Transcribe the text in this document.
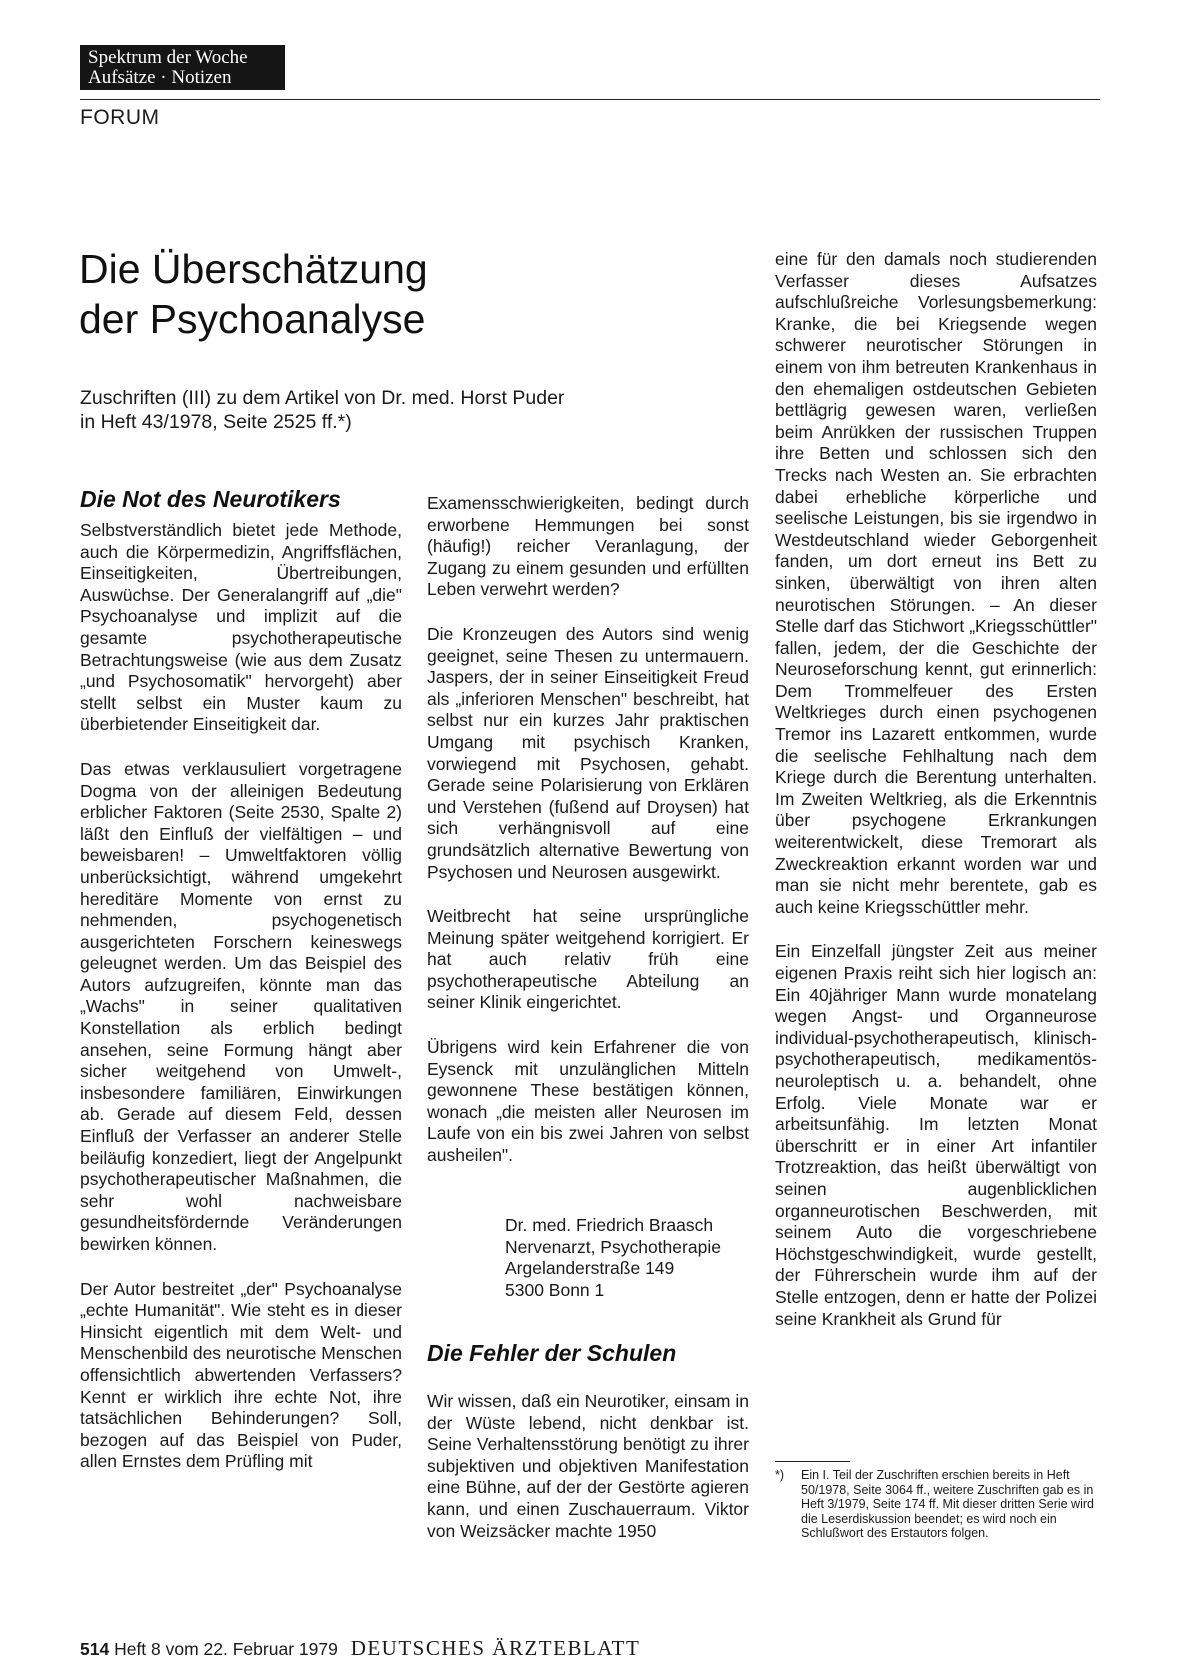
Spektrum der Woche
Aufsätze · Notizen
FORUM
Die Überschätzung
der Psychoanalyse
Zuschriften (III) zu dem Artikel von Dr. med. Horst Puder
in Heft 43/1978, Seite 2525 ff.*)
Die Not des Neurotikers

Selbstverständlich bietet jede Methode, auch die Körpermedizin, Angriffsflächen, Einseitigkeiten, Übertreibungen, Auswüchse. Der Generalangriff auf „die" Psychoanalyse und implizit auf die gesamte psychotherapeutische Betrachtungsweise (wie aus dem Zusatz „und Psychosomatik" hervorgeht) aber stellt selbst ein Muster kaum zu überbietender Einseitigkeit dar.

Das etwas verklausuliert vorgetragene Dogma von der alleinigen Bedeutung erblicher Faktoren (Seite 2530, Spalte 2) läßt den Einfluß der vielfältigen – und beweisbaren! – Umweltfaktoren völlig unberücksichtigt, während umgekehrt hereditäre Momente von ernst zu nehmenden, psychogenetisch ausgerichteten Forschern keineswegs geleugnet werden. Um das Beispiel des Autors aufzugreifen, könnte man das „Wachs" in seiner qualitativen Konstellation als erblich bedingt ansehen, seine Formung hängt aber sicher weitgehend von Umwelt-, insbesondere familiären, Einwirkungen ab. Gerade auf diesem Feld, dessen Einfluß der Verfasser an anderer Stelle beiläufig konzediert, liegt der Angelpunkt psychotherapeutischer Maßnahmen, die sehr wohl nachweisbare gesundheitsfördernde Veränderungen bewirken können.

Der Autor bestreitet „der" Psychoanalyse „echte Humanität". Wie steht es in dieser Hinsicht eigentlich mit dem Welt- und Menschenbild des neurotische Menschen offensichtlich abwertenden Verfassers? Kennt er wirklich ihre echte Not, ihre tatsächlichen Behinderungen? Soll, bezogen auf das Beispiel von Puder, allen Ernstes dem Prüfling mit

Examensschwierigkeiten, bedingt durch erworbene Hemmungen bei sonst (häufig!) reicher Veranlagung, der Zugang zu einem gesunden und erfüllten Leben verwehrt werden?

Die Kronzeugen des Autors sind wenig geeignet, seine Thesen zu untermauern. Jaspers, der in seiner Einseitigkeit Freud als „inferioren Menschen" beschreibt, hat selbst nur ein kurzes Jahr praktischen Umgang mit psychisch Kranken, vorwiegend mit Psychosen, gehabt. Gerade seine Polarisierung von Erklären und Verstehen (fußend auf Droysen) hat sich verhängnisvoll auf eine grundsätzlich alternative Bewertung von Psychosen und Neurosen ausgewirkt.

Weitbrecht hat seine ursprüngliche Meinung später weitgehend korrigiert. Er hat auch relativ früh eine psychotherapeutische Abteilung an seiner Klinik eingerichtet.

Übrigens wird kein Erfahrener die von Eysenck mit unzulänglichen Mitteln gewonnene These bestätigen können, wonach „die meisten aller Neurosen im Laufe von ein bis zwei Jahren von selbst ausheilen".

Dr. med. Friedrich Braasch
Nervenarzt, Psychotherapie
Argelanderstraße 149
5300 Bonn 1
Die Fehler der Schulen

Wir wissen, daß ein Neurotiker, einsam in der Wüste lebend, nicht denkbar ist. Seine Verhaltensstörung benötigt zu ihrer subjektiven und objektiven Manifestation eine Bühne, auf der der Gestörte agieren kann, und einen Zuschauerraum. Viktor von Weizsäcker machte 1950

eine für den damals noch studierenden Verfasser dieses Aufsatzes aufschlußreiche Vorlesungsbemerkung: Kranke, die bei Kriegsende wegen schwerer neurotischer Störungen in einem von ihm betreuten Krankenhaus in den ehemaligen ostdeutschen Gebieten bettlägrig gewesen waren, verließen beim Anrükken der russischen Truppen ihre Betten und schlossen sich den Trecks nach Westen an. Sie erbrachten dabei erhebliche körperliche und seelische Leistungen, bis sie irgendwo in Westdeutschland wieder Geborgenheit fanden, um dort erneut ins Bett zu sinken, überwältigt von ihren alten neurotischen Störungen. – An dieser Stelle darf das Stichwort „Kriegsschüttler" fallen, jedem, der die Geschichte der Neuroseforschung kennt, gut erinnerlich: Dem Trommelfeuer des Ersten Weltkrieges durch einen psychogenen Tremor ins Lazarett entkommen, wurde die seelische Fehlhaltung nach dem Kriege durch die Berentung unterhalten. Im Zweiten Weltkrieg, als die Erkenntnis über psychogene Erkrankungen weiterentwickelt, diese Tremorart als Zweckreaktion erkannt worden war und man sie nicht mehr berentete, gab es auch keine Kriegsschüttler mehr.

Ein Einzelfall jüngster Zeit aus meiner eigenen Praxis reiht sich hier logisch an: Ein 40jähriger Mann wurde monatelang wegen Angst- und Organneurose individual-psychotherapeutisch, klinisch-psychotherapeutisch, medikamentös-neuroleptisch u. a. behandelt, ohne Erfolg. Viele Monate war er arbeitsunfähig. Im letzten Monat überschritt er in einer Art infantiler Trotzreaktion, das heißt überwältigt von seinen augenblicklichen organneurotischen Beschwerden, mit seinem Auto die vorgeschriebene Höchstgeschwindigkeit, wurde gestellt, der Führerschein wurde ihm auf der Stelle entzogen, denn er hatte der Polizei seine Krankheit als Grund für

*) Ein I. Teil der Zuschriften erschien bereits in Heft 50/1978, Seite 3064 ff., weitere Zuschriften gab es in Heft 3/1979, Seite 174 ff. Mit dieser dritten Serie wird die Leserdiskussion beendet; es wird noch ein Schlußwort des Erstautors folgen.
514 Heft 8 vom 22. Februar 1979 DEUTSCHES ÄRZTEBLATT
